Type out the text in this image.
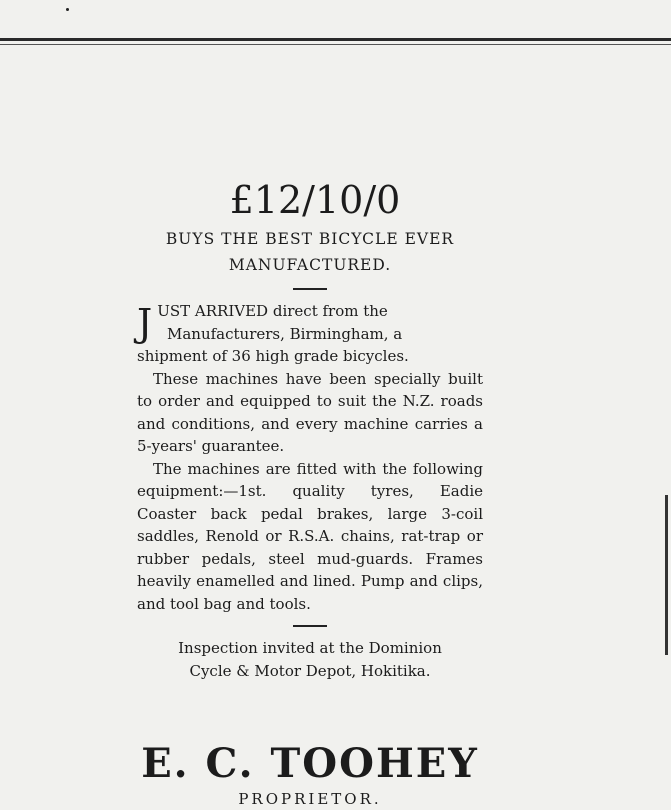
£12/10/0
BUYS THE BEST BICYCLE EVER
MANUFACTURED.

J UST ARRIVED direct from the
Manufacturers, Birmingham, a
shipment of 36 high grade bicycles.

These machines have been specially built to order and equipped to suit the N.Z. roads and conditions, and every machine carries a 5-years' guarantee.

The machines are fitted with the following equipment:—1st. quality tyres, Eadie Coaster back pedal brakes, large 3-coil saddles, Renold or R.S.A. chains, rat-trap or rubber pedals, steel mud-guards. Frames heavily enamelled and lined. Pump and clips, and tool bag and tools.

Inspection invited at the Dominion
Cycle & Motor Depot, Hokitika.
E. C. TOOHEY
PROPRIETOR.
